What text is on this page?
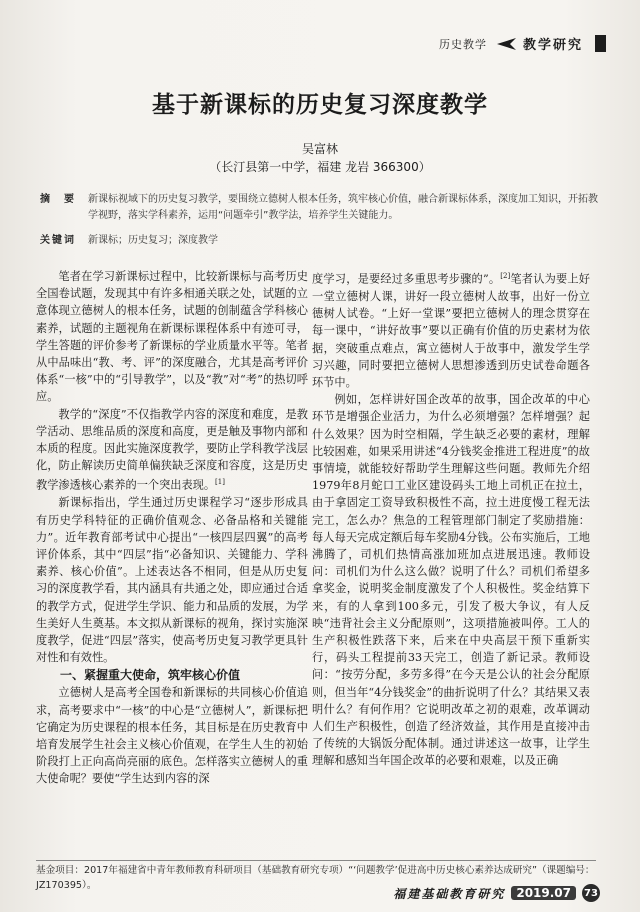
历史教学	教学研究
基于新课标的历史复习深度教学
吴富林
（长汀县第一中学，福建 龙岩 366300）
摘　要	新课标视域下的历史复习教学，要围绕立德树人根本任务，筑牢核心价值，融合新课标体系，深度加工知识，开拓教学视野，落实学科素养，运用“问题牵引”教学法，培养学生关键能力。
关键词	新课标；历史复习；深度教学

笔者在学习新课标过程中，比较新课标与高考历史全国卷试题，发现其中有许多相通关联之处，试题的立意体现立德树人的根本任务，试题的创制蕴含学科核心素养，试题的主题视角在新课标课程体系中有迹可寻，学生答题的评价参考了新课标的学业质量水平等。笔者从中品味出“教、考、评”的深度融合，尤其是高考评价体系“一核”中的“引导教学”，以及“教”对“考”的热切呼应。

教学的“深度”不仅指教学内容的深度和难度，是教学活动、思维品质的深度和高度，更是触及事物内部和本质的程度。因此实施深度教学，要防止学科教学浅层化，防止解读历史简单偏狭缺乏深度和容度，这是历史教学渗透核心素养的一个突出表现。[1]

新课标指出，学生通过历史课程学习“逐步形成具有历史学科特征的正确价值观念、必备品格和关键能力”。近年教育部考试中心提出“一核四层四翼”的高考评价体系，其中“四层”指“必备知识、关键能力、学科素养、核心价值”。上述表达各不相同，但是从历史复习的深度教学看，其内涵具有共通之处，即应通过合适的教学方式，促进学生学识、能力和品质的发展，为学生美好人生奠基。本文拟从新课标的视角，探讨实施深度教学，促进“四层”落实，使高考历史复习教学更具针对性和有效性。

一、紧握重大使命，筑牢核心价值

立德树人是高考全国卷和新课标的共同核心价值追求，高考要求中“一核”的中心是“立德树人”，新课标把它确定为历史课程的根本任务，其目标是在历史教育中培育发展学生社会主义核心价值观，在学生人生的初始阶段打上正向高尚亮丽的底色。怎样落实立德树人的重大使命呢？要使“学生达到内容的深

度学习，是要经过多重思考步骤的”。[2]笔者认为要上好一堂立德树人课，讲好一段立德树人故事，出好一份立德树人试卷。“上好一堂课”要把立德树人的理念贯穿在每一课中，“讲好故事”要以正确有价值的历史素材为依据，突破重点难点，寓立德树人于故事中，激发学生学习兴趣，同时要把立德树人思想渗透到历史试卷命题各环节中。

例如，怎样讲好国企改革的故事，国企改革的中心环节是增强企业活力，为什么必须增强？怎样增强？起什么效果？因为时空相隔，学生缺乏必要的素材，理解比较困难，如果采用讲述“4分钱奖金推进工程进度”的故事情境，就能较好帮助学生理解这些问题。教师先介绍1979年8月蛇口工业区建设码头工地上司机正在拉土，由于拿固定工资导致积极性不高，拉土进度慢工程无法完工，怎么办？焦急的工程管理部门制定了奖励措施：每人每天完成定额后每车奖励4分钱。公布实施后，工地沸腾了，司机们热情高涨加班加点进展迅速。教师设问：司机们为什么这么做？说明了什么？司机们希望多拿奖金，说明奖金制度激发了个人积极性。奖金结算下来，有的人拿到100多元，引发了极大争议，有人反映“违背社会主义分配原则”，这项措施被叫停。工人的生产积极性跌落下来，后来在中央高层干预下重新实行，码头工程提前33天完工，创造了新记录。教师设问：“按劳分配，多劳多得”在今天是公认的社会分配原则，但当年“4分钱奖金”的曲折说明了什么？其结果又表明什么？有何作用？它说明改革之初的艰难，改革调动人们生产积极性，创造了经济效益，其作用是直接冲击了传统的大锅饭分配体制。通过讲述这一故事，让学生理解和感知当年国企改革的必要和艰难，以及正确

基金项目：2017年福建省中青年教师教育科研项目（基础教育研究专项）“‘问题教学’促进高中历史核心素养达成研究”（课题编号：JZ170395）。
福建基础教育研究 2019.07	73
